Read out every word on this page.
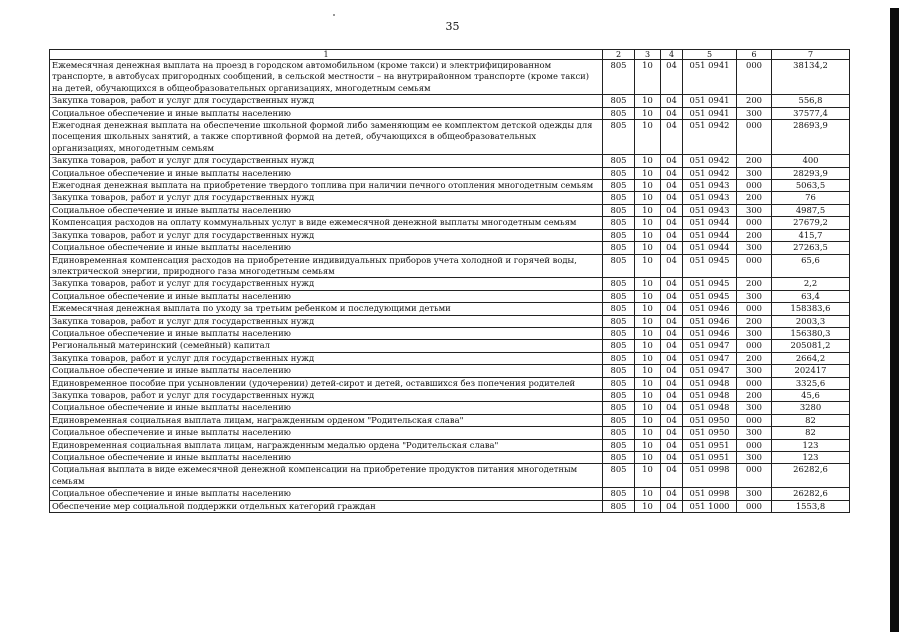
35
1	2	3	4	5	6	7
Ежемесячная денежная выплата на проезд в городском автомобильном (кроме такси) и электрифицированном транспорте, в автобусах пригородных сообщений, в сельской местности – на внутрирайонном транспорте (кроме такси) на детей, обучающихся в общеобразовательных организациях, многодетным семьям	805	10	04	051 0941	000	38134,2
Закупка товаров, работ и услуг для государственных нужд	805	10	04	051 0941	200	556,8
Социальное обеспечение и иные выплаты населению	805	10	04	051 0941	300	37577,4
Ежегодная денежная выплата на обеспечение школьной формой либо заменяющим ее комплектом детской одежды для посещения школьных занятий, а также спортивной формой на детей, обучающихся в общеобразовательных организациях, многодетным семьям	805	10	04	051 0942	000	28693,9
Закупка товаров, работ и услуг для государственных нужд	805	10	04	051 0942	200	400
Социальное обеспечение и иные выплаты населению	805	10	04	051 0942	300	28293,9
Ежегодная денежная выплата на приобретение твердого топлива при наличии печного отопления многодетным семьям	805	10	04	051 0943	000	5063,5
Закупка товаров, работ и услуг для государственных нужд	805	10	04	051 0943	200	76
Социальное обеспечение и иные выплаты населению	805	10	04	051 0943	300	4987,5
Компенсация расходов на оплату коммунальных услуг в виде ежемесячной денежной выплаты многодетным семьям	805	10	04	051 0944	000	27679,2
Закупка товаров, работ и услуг для государственных нужд	805	10	04	051 0944	200	415,7
Социальное обеспечение и иные выплаты населению	805	10	04	051 0944	300	27263,5
Единовременная компенсация расходов на приобретение индивидуальных приборов учета холодной и горячей воды, электрической энергии, природного газа многодетным семьям	805	10	04	051 0945	000	65,6
Закупка товаров, работ и услуг для государственных нужд	805	10	04	051 0945	200	2,2
Социальное обеспечение и иные выплаты населению	805	10	04	051 0945	300	63,4
Ежемесячная денежная выплата по уходу за третьим ребенком и последующими детьми	805	10	04	051 0946	000	158383,6
Закупка товаров, работ и услуг для государственных нужд	805	10	04	051 0946	200	2003,3
Социальное обеспечение и иные выплаты населению	805	10	04	051 0946	300	156380,3
Региональный материнский (семейный) капитал	805	10	04	051 0947	000	205081,2
Закупка товаров, работ и услуг для государственных нужд	805	10	04	051 0947	200	2664,2
Социальное обеспечение и иные выплаты населению	805	10	04	051 0947	300	202417
Единовременное пособие при усыновлении (удочерении) детей-сирот и детей, оставшихся без попечения родителей	805	10	04	051 0948	000	3325,6
Закупка товаров, работ и услуг для государственных нужд	805	10	04	051 0948	200	45,6
Социальное обеспечение и иные выплаты населению	805	10	04	051 0948	300	3280
Единовременная социальная выплата лицам, награжденным орденом "Родительская слава"	805	10	04	051 0950	000	82
Социальное обеспечение и иные выплаты населению	805	10	04	051 0950	300	82
Единовременная социальная выплата лицам, награжденным медалью ордена "Родительская слава"	805	10	04	051 0951	000	123
Социальное обеспечение и иные выплаты населению	805	10	04	051 0951	300	123
Социальная выплата в виде ежемесячной денежной компенсации на приобретение продуктов питания многодетным семьям	805	10	04	051 0998	000	26282,6
Социальное обеспечение и иные выплаты населению	805	10	04	051 0998	300	26282,6
Обеспечение мер социальной поддержки отдельных категорий граждан	805	10	04	051 1000	000	1553,8
